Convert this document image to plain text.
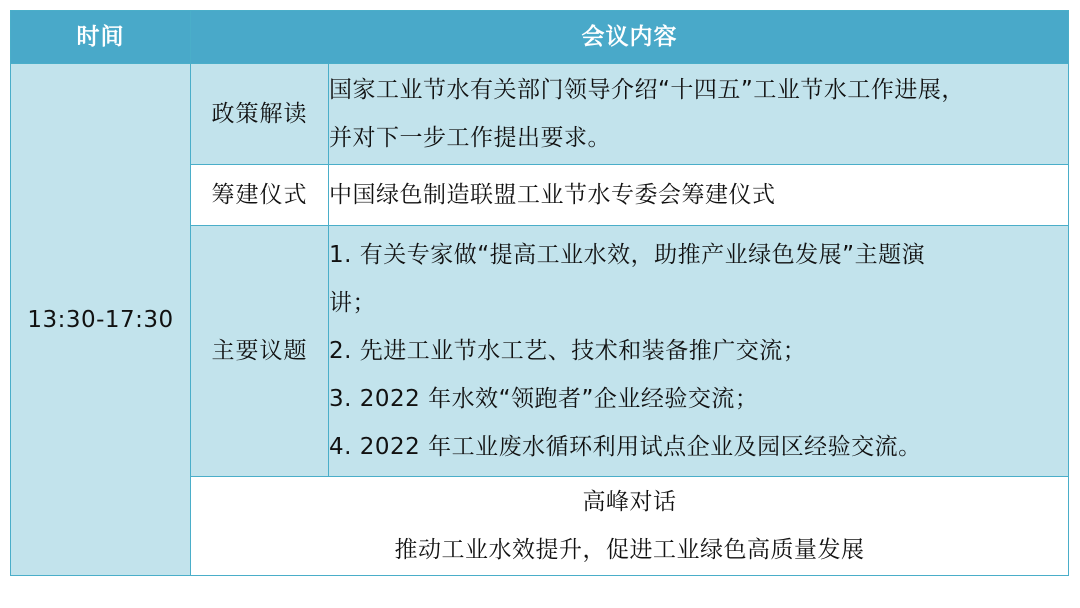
时间	会议内容	
13:30-17:30	政策解读	国家工业节水有关部门领导介绍“十四五”工业节水工作进展，
并对下一步工作提出要求。

	筹建仪式	中国绿色制造联盟工业节水专委会筹建仪式

	主要议题	1. 有关专家做“提高工业水效，助推产业绿色发展”主题演
讲；
2. 先进工业节水工艺、技术和装备推广交流；
3. 2022 年水效“领跑者”企业经验交流；
4. 2022 年工业废水循环利用试点企业及园区经验交流。

	高峰对话
推动工业水效提升，促进工业绿色高质量发展	
